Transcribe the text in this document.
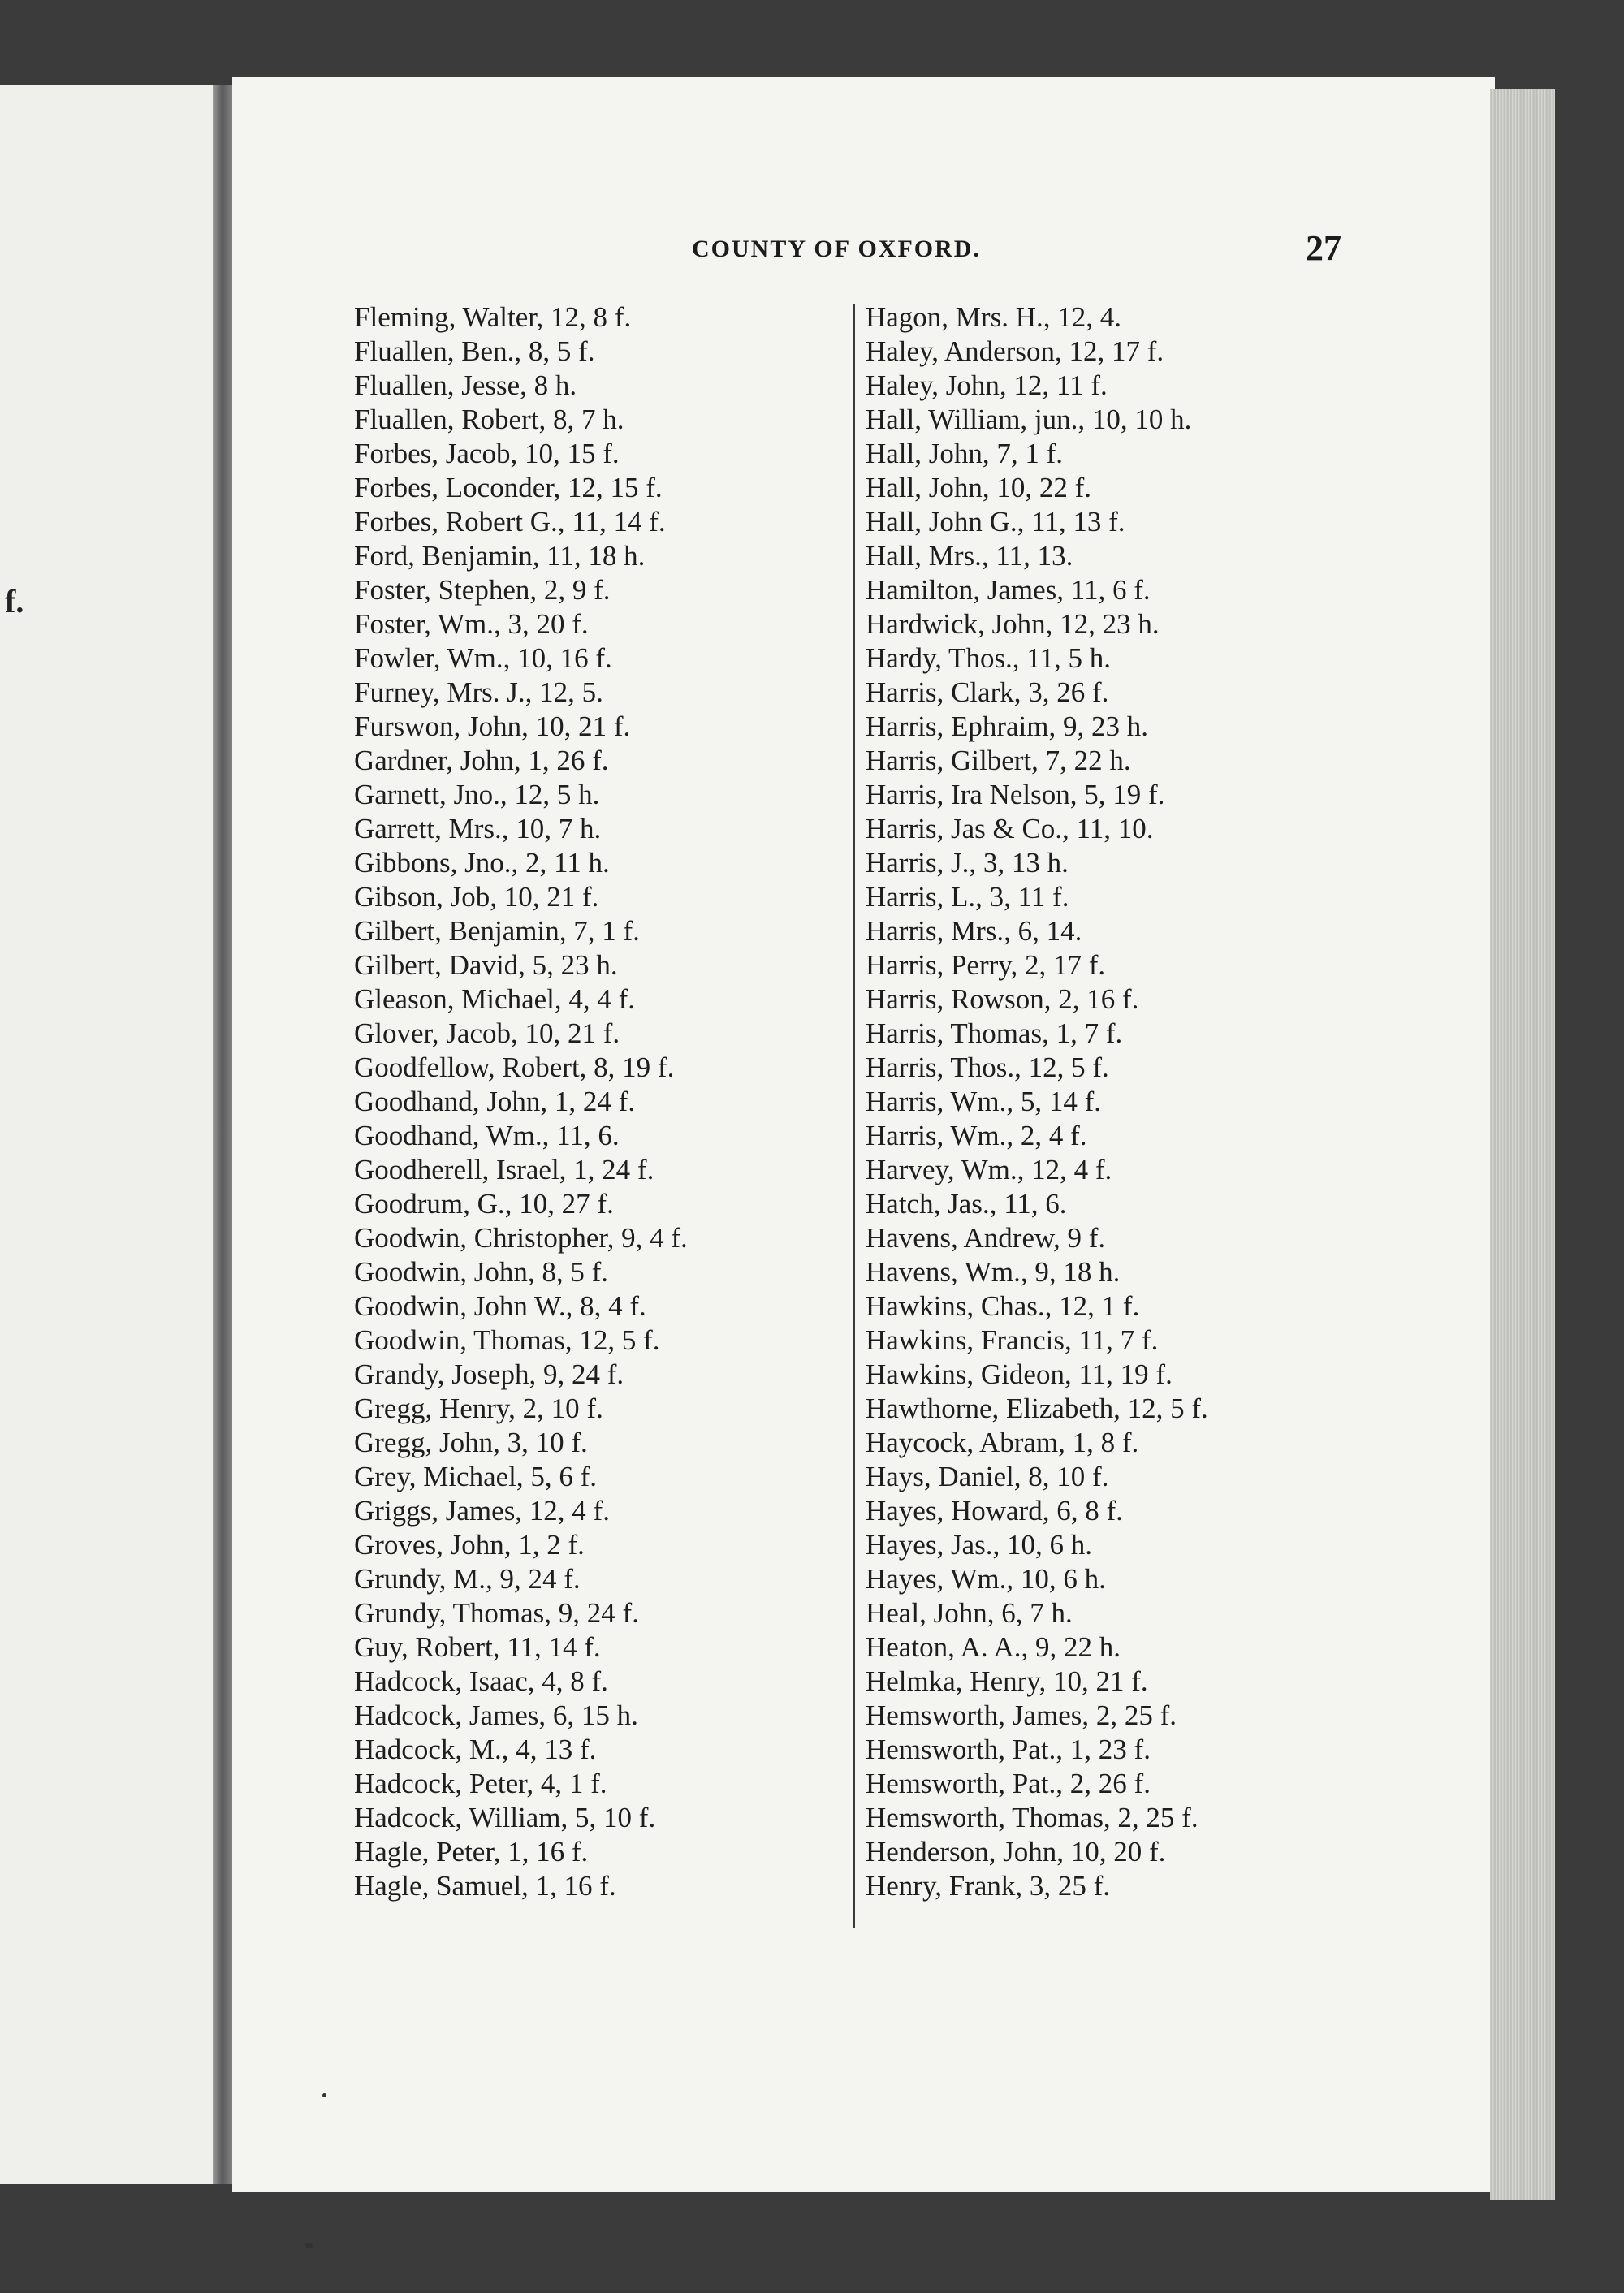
f.
COUNTY OF OXFORD.	27
Fleming, Walter, 12, 8 f.
Fluallen, Ben., 8, 5 f.
Fluallen, Jesse, 8 h.
Fluallen, Robert, 8, 7 h.
Forbes, Jacob, 10, 15 f.
Forbes, Loconder, 12, 15 f.
Forbes, Robert G., 11, 14 f.
Ford, Benjamin, 11, 18 h.
Foster, Stephen, 2, 9 f.
Foster, Wm., 3, 20 f.
Fowler, Wm., 10, 16 f.
Furney, Mrs. J., 12, 5.
Furswon, John, 10, 21 f.
Gardner, John, 1, 26 f.
Garnett, Jno., 12, 5 h.
Garrett, Mrs., 10, 7 h.
Gibbons, Jno., 2, 11 h.
Gibson, Job, 10, 21 f.
Gilbert, Benjamin, 7, 1 f.
Gilbert, David, 5, 23 h.
Gleason, Michael, 4, 4 f.
Glover, Jacob, 10, 21 f.
Goodfellow, Robert, 8, 19 f.
Goodhand, John, 1, 24 f.
Goodhand, Wm., 11, 6.
Goodherell, Israel, 1, 24 f.
Goodrum, G., 10, 27 f.
Goodwin, Christopher, 9, 4 f.
Goodwin, John, 8, 5 f.
Goodwin, John W., 8, 4 f.
Goodwin, Thomas, 12, 5 f.
Grandy, Joseph, 9, 24 f.
Gregg, Henry, 2, 10 f.
Gregg, John, 3, 10 f.
Grey, Michael, 5, 6 f.
Griggs, James, 12, 4 f.
Groves, John, 1, 2 f.
Grundy, M., 9, 24 f.
Grundy, Thomas, 9, 24 f.
Guy, Robert, 11, 14 f.
Hadcock, Isaac, 4, 8 f.
Hadcock, James, 6, 15 h.
Hadcock, M., 4, 13 f.
Hadcock, Peter, 4, 1 f.
Hadcock, William, 5, 10 f.
Hagle, Peter, 1, 16 f.
Hagle, Samuel, 1, 16 f.
Hagon, Mrs. H., 12, 4.
Haley, Anderson, 12, 17 f.
Haley, John, 12, 11 f.
Hall, William, jun., 10, 10 h.
Hall, John, 7, 1 f.
Hall, John, 10, 22 f.
Hall, John G., 11, 13 f.
Hall, Mrs., 11, 13.
Hamilton, James, 11, 6 f.
Hardwick, John, 12, 23 h.
Hardy, Thos., 11, 5 h.
Harris, Clark, 3, 26 f.
Harris, Ephraim, 9, 23 h.
Harris, Gilbert, 7, 22 h.
Harris, Ira Nelson, 5, 19 f.
Harris, Jas & Co., 11, 10.
Harris, J., 3, 13 h.
Harris, L., 3, 11 f.
Harris, Mrs., 6, 14.
Harris, Perry, 2, 17 f.
Harris, Rowson, 2, 16 f.
Harris, Thomas, 1, 7 f.
Harris, Thos., 12, 5 f.
Harris, Wm., 5, 14 f.
Harris, Wm., 2, 4 f.
Harvey, Wm., 12, 4 f.
Hatch, Jas., 11, 6.
Havens, Andrew, 9 f.
Havens, Wm., 9, 18 h.
Hawkins, Chas., 12, 1 f.
Hawkins, Francis, 11, 7 f.
Hawkins, Gideon, 11, 19 f.
Hawthorne, Elizabeth, 12, 5 f.
Haycock, Abram, 1, 8 f.
Hays, Daniel, 8, 10 f.
Hayes, Howard, 6, 8 f.
Hayes, Jas., 10, 6 h.
Hayes, Wm., 10, 6 h.
Heal, John, 6, 7 h.
Heaton, A. A., 9, 22 h.
Helmka, Henry, 10, 21 f.
Hemsworth, James, 2, 25 f.
Hemsworth, Pat., 1, 23 f.
Hemsworth, Pat., 2, 26 f.
Hemsworth, Thomas, 2, 25 f.
Henderson, John, 10, 20 f.
Henry, Frank, 3, 25 f.
